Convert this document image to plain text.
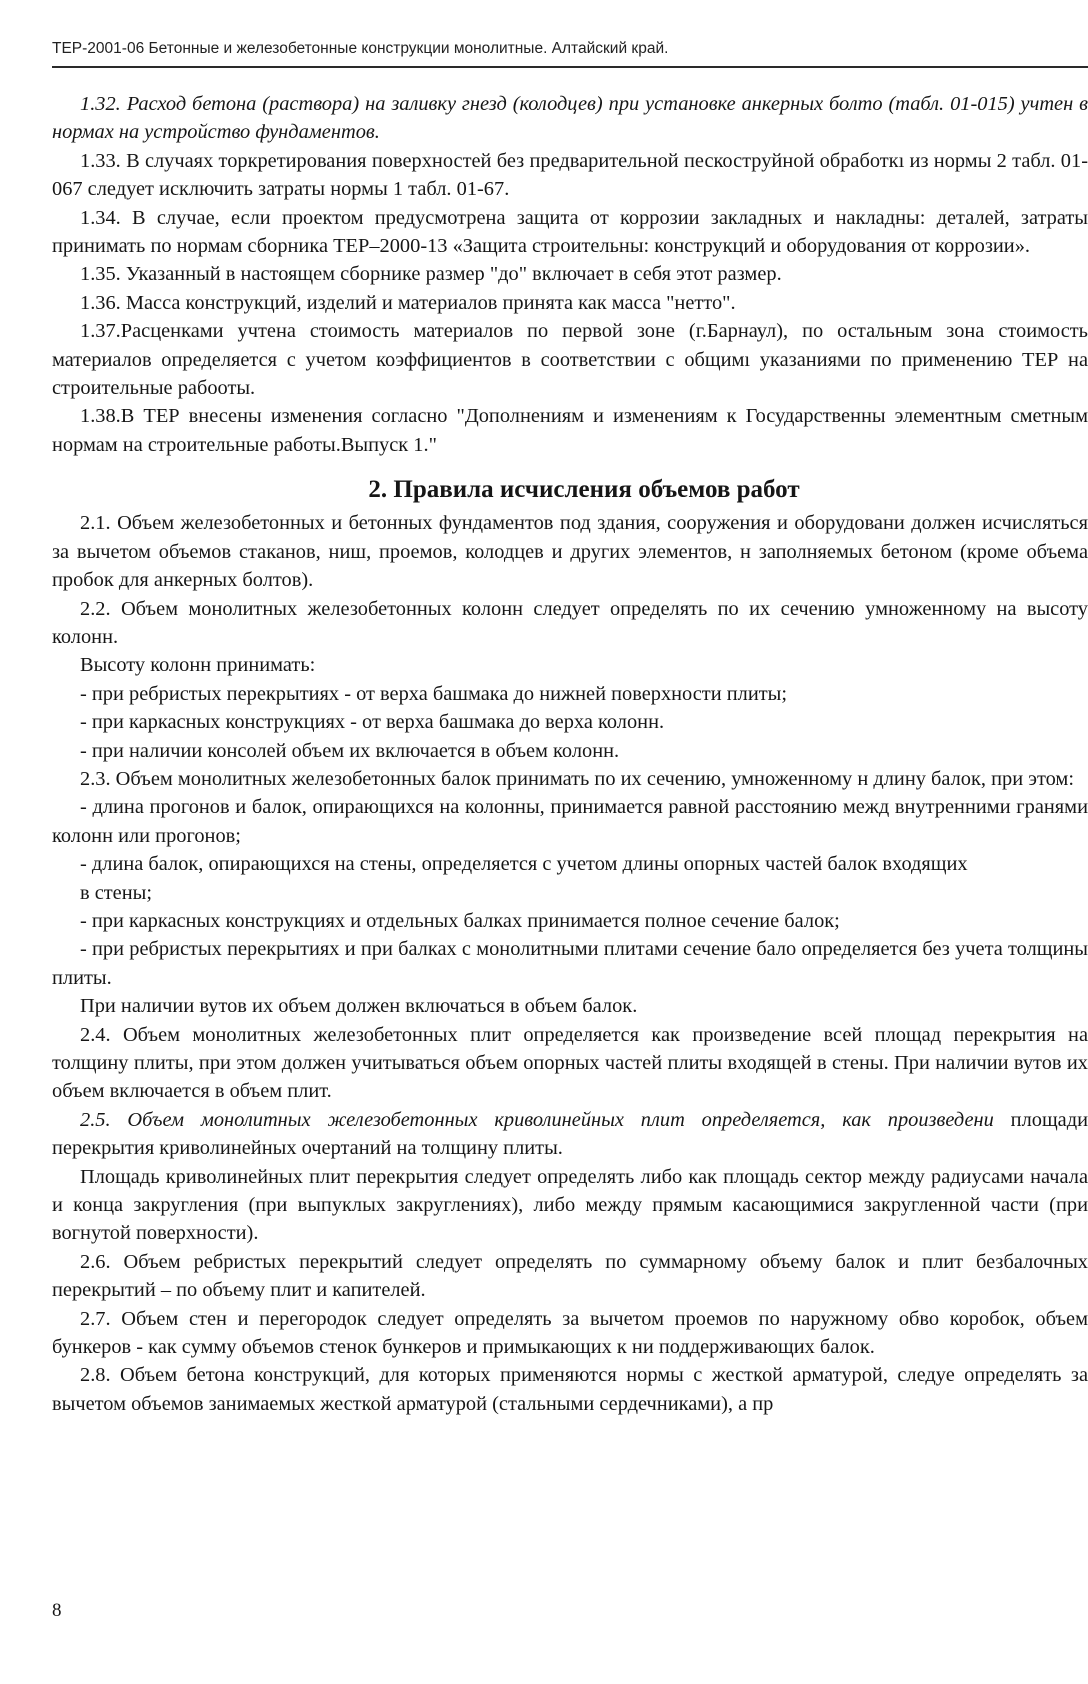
ТЕР-2001-06 Бетонные и железобетонные конструкции монолитные. Алтайский край.

1.32. Расход бетона (раствора) на заливку гнезд (колодцев) при установке анкерных болто (табл. 01-015) учтен в нормах на устройство фундаментов.

1.33. В случаях торкретирования поверхностей без предварительной пескоструйной обработкı из нормы 2 табл. 01-067 следует исключить затраты нормы 1 табл. 01-67.

1.34. В случае, если проектом предусмотрена защита от коррозии закладных и накладны: деталей, затраты принимать по нормам сборника ТЕР–2000-13 «Защита строительны: конструкций и оборудования от коррозии».

1.35. Указанный в настоящем сборнике размер "до" включает в себя этот размер.

1.36. Масса конструкций, изделий и материалов принята как масса "нетто".

1.37.Расценками учтена стоимость материалов по первой зоне (г.Барнаул), по остальным зона стоимость материалов определяется с учетом коэффициентов в соответствии с общимı указаниями по применению ТЕР на строительные рабооты.

1.38.В ТЕР внесены изменения согласно "Дополнениям и изменениям к Государственны элементным сметным нормам на строительные работы.Выпуск 1."

2. Правила исчисления объемов работ

2.1. Объем железобетонных и бетонных фундаментов под здания, сооружения и оборудовани должен исчисляться за вычетом объемов стаканов, ниш, проемов, колодцев и других элементов, н заполняемых бетоном (кроме объема пробок для анкерных болтов).

2.2. Объем монолитных железобетонных колонн следует определять по их сечению умноженному на высоту колонн.

Высоту колонн принимать:

- при ребристых перекрытиях - от верха башмака до нижней поверхности плиты;

- при каркасных конструкциях - от верха башмака до верха колонн.

- при наличии консолей объем их включается в объем колонн.

2.3. Объем монолитных железобетонных балок принимать по их сечению, умноженному н длину балок, при этом:

- длина прогонов и балок, опирающихся на колонны, принимается равной расстоянию межд внутренними гранями колонн или прогонов;

- длина балок, опирающихся на стены, определяется с учетом длины опорных частей балок входящих

в стены;

- при каркасных конструкциях и отдельных балках принимается полное сечение балок;

- при ребристых перекрытиях и при балках с монолитными плитами сечение бало определяется без учета толщины плиты.

При наличии вутов их объем должен включаться в объем балок.

2.4. Объем монолитных железобетонных плит определяется как произведение всей площад перекрытия на толщину плиты, при этом должен учитываться объем опорных частей плиты входящей в стены. При наличии вутов их объем включается в объем плит.

2.5. Объем монолитных железобетонных криволинейных плит определяется, как произведени площади перекрытия криволинейных очертаний на толщину плиты.

Площадь криволинейных плит перекрытия следует определять либо как площадь сектор между радиусами начала и конца закругления (при выпуклых закруглениях), либо между прямым касающимися закругленной части (при вогнутой поверхности).

2.6. Объем ребристых перекрытий следует определять по суммарному объему балок и плит безбалочных перекрытий – по объему плит и капителей.

2.7. Объем стен и перегородок следует определять за вычетом проемов по наружному обво коробок, объем бункеров - как сумму объемов стенок бункеров и примыкающих к ни поддерживающих балок.

2.8. Объем бетона конструкций, для которых применяются нормы с жесткой арматурой, следуе определять за вычетом объемов занимаемых жесткой арматурой (стальными сердечниками), а пр

8
